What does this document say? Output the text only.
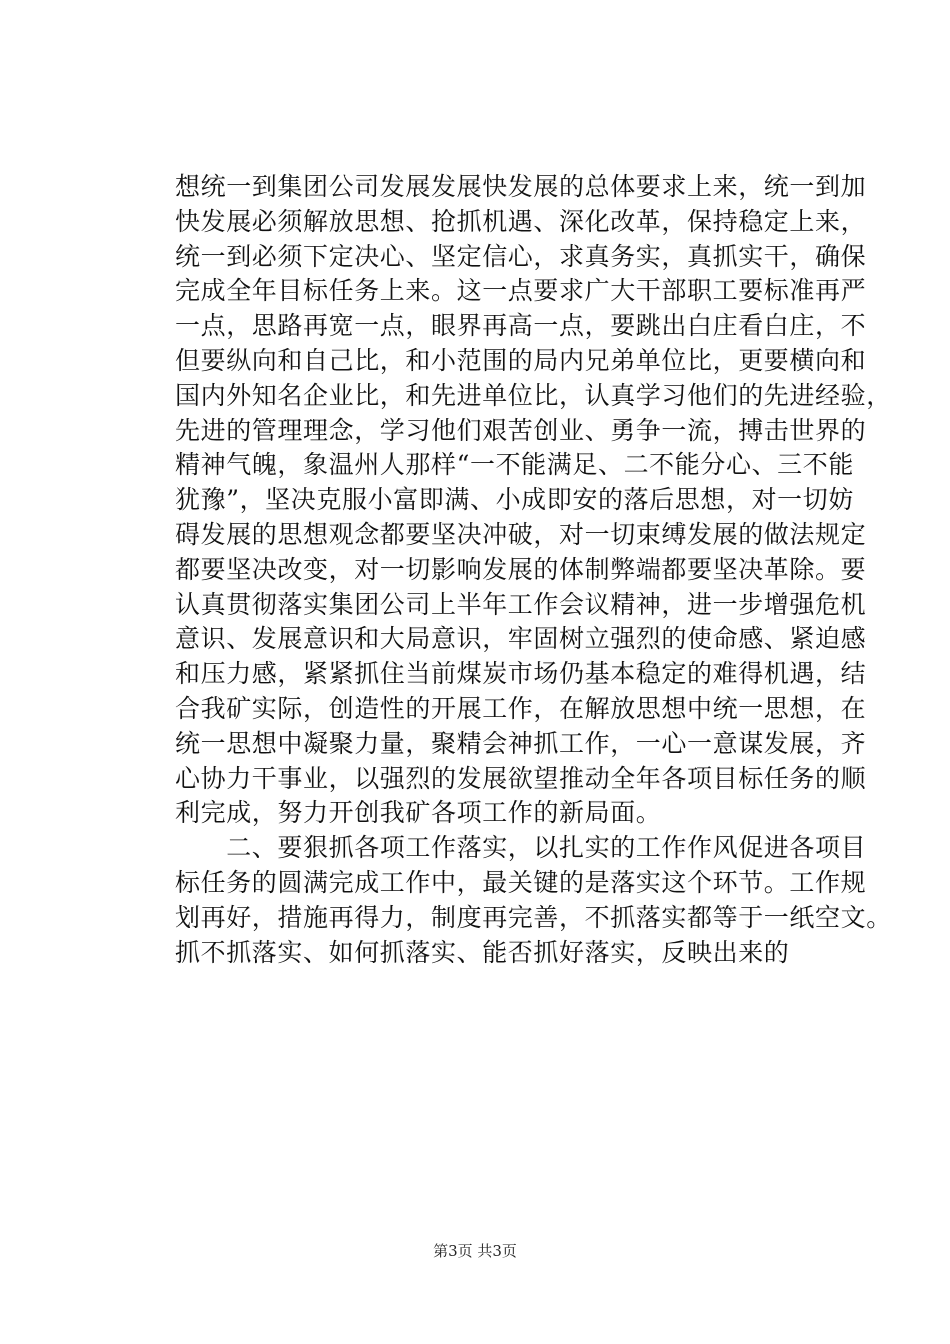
想统一到集团公司发展发展快发展的总体要求上来，统一到加
快发展必须解放思想、抢抓机遇、深化改革，保持稳定上来，
统一到必须下定决心、坚定信心，求真务实，真抓实干，确保
完成全年目标任务上来。这一点要求广大干部职工要标准再严
一点，思路再宽一点，眼界再高一点，要跳出白庄看白庄，不
但要纵向和自己比，和小范围的局内兄弟单位比，更要横向和
国内外知名企业比，和先进单位比，认真学习他们的先进经验，
先进的管理理念，学习他们艰苦创业、勇争一流，搏击世界的
精神气魄，象温州人那样“一不能满足、二不能分心、三不能
犹豫”，坚决克服小富即满、小成即安的落后思想，对一切妨
碍发展的思想观念都要坚决冲破，对一切束缚发展的做法规定
都要坚决改变，对一切影响发展的体制弊端都要坚决革除。要
认真贯彻落实集团公司上半年工作会议精神，进一步增强危机
意识、发展意识和大局意识，牢固树立强烈的使命感、紧迫感
和压力感，紧紧抓住当前煤炭市场仍基本稳定的难得机遇，结
合我矿实际，创造性的开展工作，在解放思想中统一思想，在
统一思想中凝聚力量，聚精会神抓工作，一心一意谋发展，齐
心协力干事业，以强烈的发展欲望推动全年各项目标任务的顺
利完成，努力开创我矿各项工作的新局面。
　　二、要狠抓各项工作落实，以扎实的工作作风促进各项目
标任务的圆满完成工作中，最关键的是落实这个环节。工作规
划再好，措施再得力，制度再完善，不抓落实都等于一纸空文。
抓不抓落实、如何抓落实、能否抓好落实，反映出来的
第3页 共3页
